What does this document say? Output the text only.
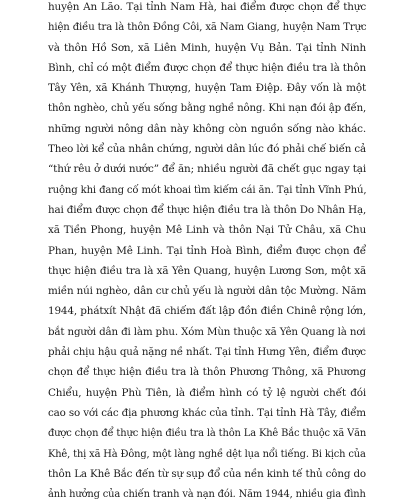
huyện An Lão. Tại tỉnh Nam Hà, hai điểm được chọn để thực
hiện điều tra là thôn Đồng Côi, xã Nam Giang, huyện Nam Trực
và thôn Hồ Sơn, xã Liên Minh, huyện Vụ Bản. Tại tỉnh Ninh
Bình, chỉ có một điểm được chọn để thực hiện điều tra là thôn
Tây Yên, xã Khánh Thượng, huyện Tam Điệp. Đây vốn là một
thôn nghèo, chủ yếu sống bằng nghề nông. Khi nạn đói ập đến,
những người nông dân này không còn nguồn sống nào khác.
Theo lời kể của nhân chứng, người dân lúc đó phải chế biến cả
“thứ rêu ở dưới nước” để ăn; nhiều người đã chết gục ngay tại
ruộng khi đang cố mót khoai tìm kiếm cái ăn. Tại tỉnh Vĩnh Phú,
hai điểm được chọn để thực hiện điều tra là thôn Do Nhân Hạ,
xã Tiền Phong, huyện Mê Linh và thôn Nại Tử Châu, xã Chu
Phan, huyện Mê Linh. Tại tỉnh Hoà Bình, điểm được chọn để
thực hiện điều tra là xã Yên Quang, huyện Lương Sơn, một xã
miền núi nghèo, dân cư chủ yếu là người dân tộc Mường. Năm
1944, phátxít Nhật đã chiếm đất lập đồn điền Chinê rộng lớn,
bắt người dân đi làm phu. Xóm Mùn thuộc xã Yên Quang là nơi
phải chịu hậu quả nặng nề nhất. Tại tỉnh Hưng Yên, điểm được
chọn để thực hiện điều tra là thôn Phương Thông, xã Phương
Chiểu, huyện Phù Tiên, là điểm hình có tỷ lệ người chết đói
cao so với các địa phương khác của tỉnh. Tại tỉnh Hà Tây, điểm
được chọn để thực hiện điều tra là thôn La Khê Bắc thuộc xã Văn
Khê, thị xã Hà Đông, một làng nghề dệt lụa nổi tiếng. Bi kịch của
thôn La Khê Bắc đến từ sự sụp đổ của nền kinh tế thủ công do
ảnh hưởng của chiến tranh và nạn đói. Năm 1944, nhiều gia đình
